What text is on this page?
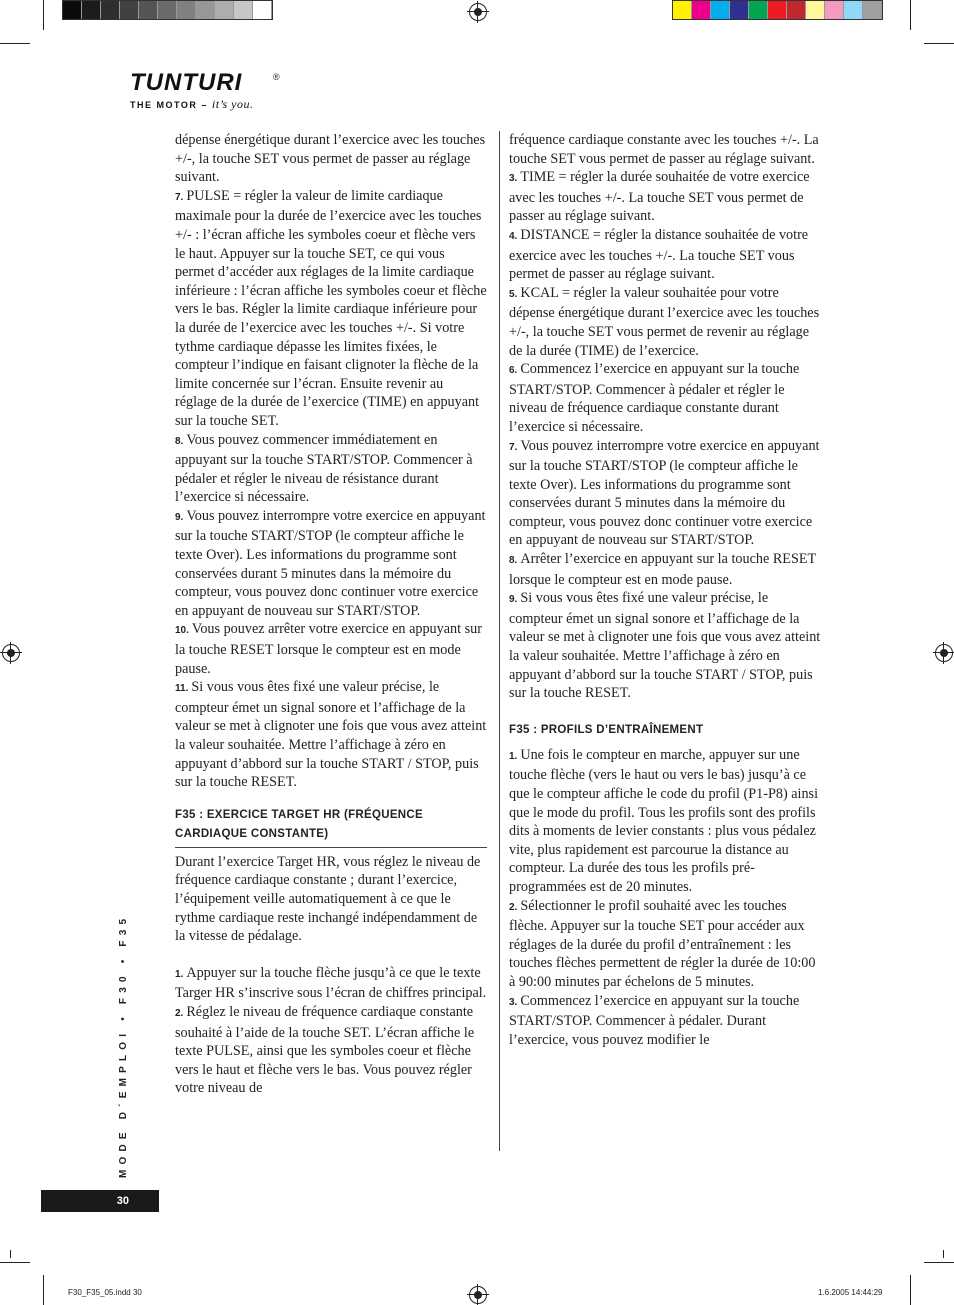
TUNTURI	®
THE MOTOR – it’s you.

dépense énergétique durant l’exercice avec les touches +/-, la touche SET vous permet de passer au réglage suivant.

7. PULSE = régler la valeur de limite cardiaque maximale pour la durée de l’exercice avec les touches +/- : l’écran affiche les symboles coeur et flèche vers le haut. Appuyer sur la touche SET, ce qui vous permet d’accéder aux réglages de la limite cardiaque inférieure : l’écran affiche les symboles coeur et flèche vers le bas. Régler la limite cardiaque inférieure pour la durée de l’exercice avec les touches +/-. Si votre tythme cardiaque dépasse les limites fixées, le compteur l’indique en faisant clignoter la flèche de la limite concernée sur l’écran. Ensuite revenir au réglage de la durée de l’exercice (TIME) en appuyant sur la touche SET.

8. Vous pouvez commencer immédiatement en appuyant sur la touche START/STOP. Commencer à pédaler et régler le niveau de résistance durant l’exercice si nécessaire.

9. Vous pouvez interrompre votre exercice en appuyant sur la touche START/STOP (le compteur affiche le texte Over). Les informations du programme sont conservées durant 5 minutes dans la mémoire du compteur, vous pouvez donc continuer votre exercice en appuyant de nouveau sur START/STOP.

10. Vous pouvez arrêter votre exercice en appuyant sur la touche RESET lorsque le compteur est en mode pause.

11. Si vous vous êtes fixé une valeur précise, le compteur émet un signal sonore et l’affichage de la valeur se met à clignoter une fois que vous avez atteint la valeur souhaitée. Mettre l’affichage à zéro en appuyant d’abbord sur la touche START / STOP, puis sur la touche RESET.

F35 : EXERCICE TARGET HR (FRÉQUENCE CARDIAQUE CONSTANTE)

Durant l’exercice Target HR, vous réglez le niveau de fréquence cardiaque constante ; durant l’exercice, l’équipement veille automatiquement à ce que le rythme cardiaque reste inchangé indépendamment de la vitesse de pédalage.

1. Appuyer sur la touche flèche jusqu’à ce que le texte Targer HR s’inscrive sous l’écran de chiffres principal.

2. Réglez le niveau de fréquence cardiaque constante souhaité à l’aide de la touche SET. L’écran affiche le texte PULSE, ainsi que les symboles coeur et flèche vers le haut et flèche vers le bas. Vous pouvez régler votre niveau de

fréquence cardiaque constante avec les touches +/-. La touche SET vous permet de passer au réglage suivant.

3. TIME = régler la durée souhaitée de votre exercice avec les touches +/-. La touche SET vous permet de passer au réglage suivant.

4. DISTANCE = régler la distance souhaitée de votre exercice avec les touches +/-. La touche SET vous permet de passer au réglage suivant.

5. KCAL = régler la valeur souhaitée pour votre dépense énergétique durant l’exercice avec les touches +/-, la touche SET vous permet de revenir au réglage de la durée (TIME) de l’exercice.

6. Commencez l’exercice en appuyant sur la touche START/STOP. Commencer à pédaler et régler le niveau de fréquence cardiaque constante durant l’exercice si nécessaire.

7. Vous pouvez interrompre votre exercice en appuyant sur la touche START/STOP (le compteur affiche le texte Over). Les informations du programme sont conservées durant 5 minutes dans la mémoire du compteur, vous pouvez donc continuer votre exercice en appuyant de nouveau sur START/STOP.

8. Arrêter l’exercice en appuyant sur la touche RESET lorsque le compteur est en mode pause.

9. Si vous vous êtes fixé une valeur précise, le compteur émet un signal sonore et l’affichage de la valeur se met à clignoter une fois que vous avez atteint la valeur souhaitée. Mettre l’affichage à zéro en appuyant d’abbord sur la touche START / STOP, puis sur la touche RESET.

F35 : PROFILS D’ENTRAÎNEMENT

1. Une fois le compteur en marche, appuyer sur une touche flèche (vers le haut ou vers le bas) jusqu’à ce que le compteur affiche le code du profil (P1-P8) ainsi que le mode du profil. Tous les profils sont des profils dits à moments de levier constants : plus vous pédalez vite, plus rapidement est parcourue la distance au compteur. La durée des tous les profils pré-programmées est de 20 minutes.

2. Sélectionner le profil souhaité avec les touches flèche. Appuyer sur la touche SET pour accéder aux réglages de la durée du profil d’entraînement : les touches flèches permettent de régler la durée de 10:00 à 90:00 minutes par échelons de 5 minutes.

3. Commencez l’exercice en appuyant sur la touche START/STOP. Commencer à pédaler. Durant l’exercice, vous pouvez modifier le

MODE D´EMPLOI • F30 • F35
30
F30_F35_05.indd 30	1.6.2005 14:44:29
